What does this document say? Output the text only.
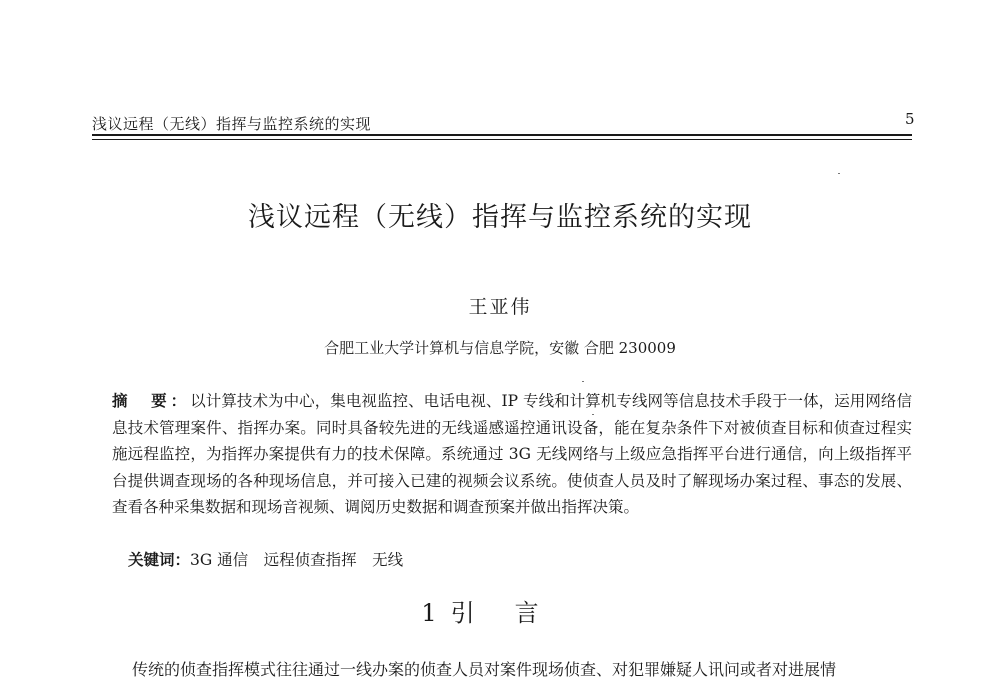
浅议远程（无线）指挥与监控系统的实现	5
浅议远程（无线）指挥与监控系统的实现
王亚伟
合肥工业大学计算机与信息学院，安徽 合肥 230009
摘　要：以计算技术为中心，集电视监控、电话电视、IP 专线和计算机专线网等信息技术手段于一体，运用网络信息技术管理案件、指挥办案。同时具备较先进的无线遥感遥控通讯设备，能在复杂条件下对被侦查目标和侦查过程实施远程监控，为指挥办案提供有力的技术保障。系统通过 3G 无线网络与上级应急指挥平台进行通信，向上级指挥平台提供调查现场的各种现场信息，并可接入已建的视频会议系统。使侦查人员及时了解现场办案过程、事态的发展、查看各种采集数据和现场音视频、调阅历史数据和调查预案并做出指挥决策。
关键词：3G 通信　远程侦查指挥　无线
1 引言
传统的侦查指挥模式往往通过一线办案的侦查人员对案件现场侦查、对犯罪嫌疑人讯问或者对进展情
